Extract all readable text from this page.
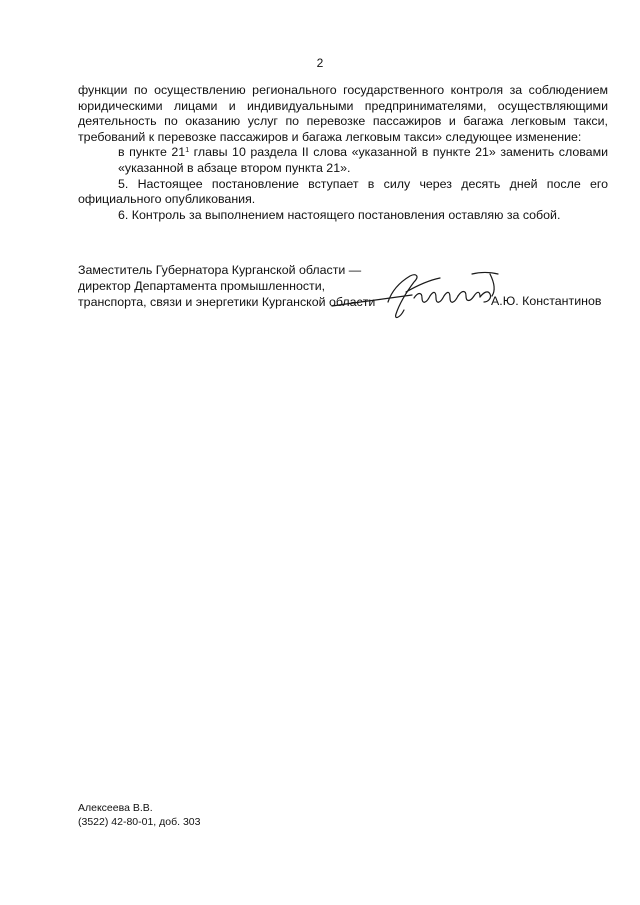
2

функции по осуществлению регионального государственного контроля за соблюдением юридическими лицами и индивидуальными предпринимателями, осуществляющими деятельность по оказанию услуг по перевозке пассажиров и багажа легковым такси, требований к перевозке пассажиров и багажа легковым такси» следующее изменение:

в пункте $21^1$ главы 10 раздела II слова «указанной в пункте 21» заменить словами «указанной в абзаце втором пункта 21».

5. Настоящее постановление вступает в силу через десять дней после его официального опубликования.

6. Контроль за выполнением настоящего постановления оставляю за собой.

Заместитель Губернатора Курганской области —
директор Департамента промышленности,
транспорта, связи и энергетики Курганской области	А.Ю. Константинов
Алексеева В.В.
(3522) 42-80-01, доб. 303
